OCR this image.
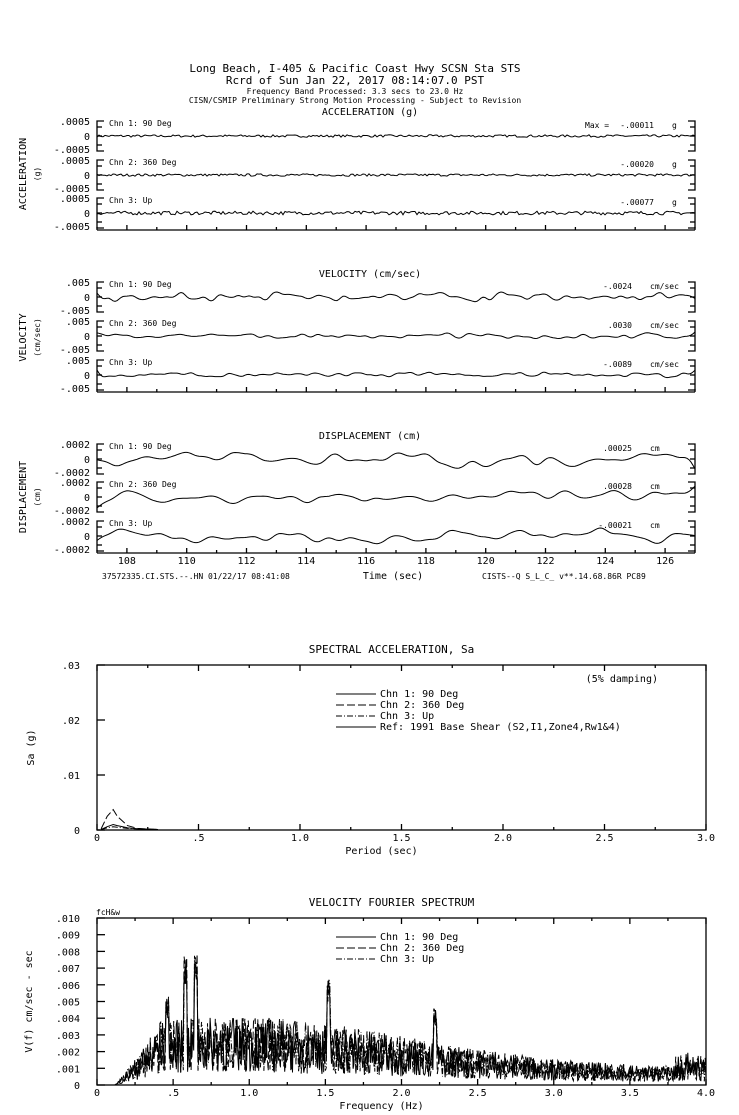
Long Beach, I-405 & Pacific Coast Hwy SCSN Sta STS
Rcrd of Sun Jan 22, 2017 08:14:07.0 PST
Frequency Band Processed: 3.3 secs to 23.0 Hz
CISN/CSMIP Preliminary Strong Motion Processing - Subject to Revision
ACCELERATION (g)
ACCELERATION (g)
.0005
0
-.0005
Chn 1: 90 Deg	Max = -.00011 g
.0005
0
-.0005
Chn 2: 360 Deg	-.00020 g
.0005
0
-.0005
Chn 3: Up	-.00077 g
VELOCITY (cm/sec)
VELOCITY (cm/sec)
.005
0
-.005
Chn 1: 90 Deg	-.0024 cm/sec
.005
0
-.005
Chn 2: 360 Deg	.0030 cm/sec
.005
0
-.005
Chn 3: Up	-.0089 cm/sec
DISPLACEMENT (cm)
DISPLACEMENT (cm)
108	110	112	114	116	118	120	122	124	126
Time (sec)
.0002
0
-.0002
Chn 1: 90 Deg	.00025 cm
.0002
0
-.0002
Chn 2: 360 Deg	.00028 cm
.0002
0
-.0002
Chn 3: Up	-.00021 cm
37572335.CI.STS.--.HN 01/22/17 08:41:08	CISTS--Q S_L_C_ v**.14.68.86R PC89
SPECTRAL ACCELERATION, Sa
0	.5	1.0	1.5	2.0	2.5	3.0
Period (sec)
.03
.02
.01
0
Sa (g)
(5% damping)
Chn 1: 90 Deg
Chn 2: 360 Deg
Chn 3: Up
Ref: 1991 Base Shear (S2,I1,Zone4,Rw1&4)
VELOCITY FOURIER SPECTRUM
0	.5	1.0	1.5	2.0	2.5	3.0	3.5	4.0
Frequency (Hz)
.010
.009
.008
.007
.006
.005
.004
.003
.002
.001
0
V(f) cm/sec - sec
fcH&w
Chn 1: 90 Deg
Chn 2: 360 Deg
Chn 3: Up
